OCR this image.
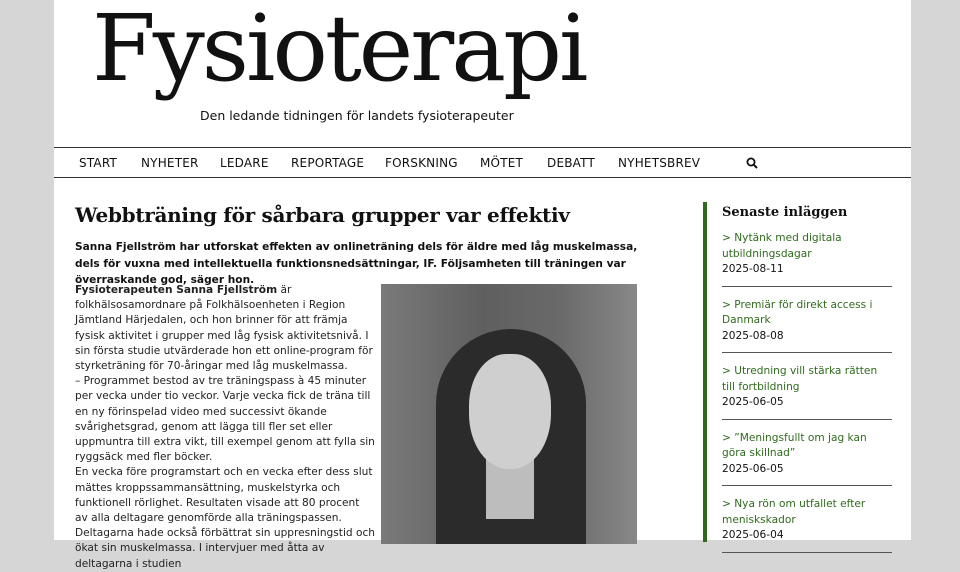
Fysioterapi
Den ledande tidningen för landets fysioterapeuter
START NYHETER LEDARE REPORTAGE FORSKNING MÖTET DEBATT NYHETSBREV
Webbträning för sårbara grupper var effektiv

Sanna Fjellström har utforskat effekten av onlineträning dels för äldre med låg muskelmassa, dels för vuxna med intellektuella funktionsnedsättningar, IF. Följsamheten till träningen var överraskande god, säger hon.

Fysioterapeuten Sanna Fjellström är folkhälsosamordnare på Folkhälsoenheten i Region Jämtland Härjedalen, och hon brinner för att främja fysisk aktivitet i grupper med låg fysisk aktivitetsnivå. I sin första studie utvärderade hon ett online-program för styrketräning för 70-åringar med låg muskelmassa.

– Programmet bestod av tre träningspass à 45 minuter per vecka under tio veckor. Varje vecka fick de träna till en ny förinspelad video med successivt ökande svårighetsgrad, genom att lägga till fler set eller uppmuntra till extra vikt, till exempel genom att fylla sin ryggsäck med fler böcker.

En vecka före programstart och en vecka efter dess slut mättes kroppssammansättning, muskelstyrka och funktionell rörlighet. Resultaten visade att 80 procent av alla deltagare genomförde alla träningspassen. Deltagarna hade också förbättrat sin uppresningstid och ökat sin muskelmassa. I intervjuer med åtta av deltagarna i studien

Senaste inläggen
> Nytänk med digitala utbildningsdagar
2025-08-11
> Premiär för direkt access i Danmark
2025-08-08
> Utredning vill stärka rätten till fortbildning
2025-06-05
> ”Meningsfullt om jag kan göra skillnad”
2025-06-05
> Nya rön om utfallet efter meniskskador
2025-06-04
